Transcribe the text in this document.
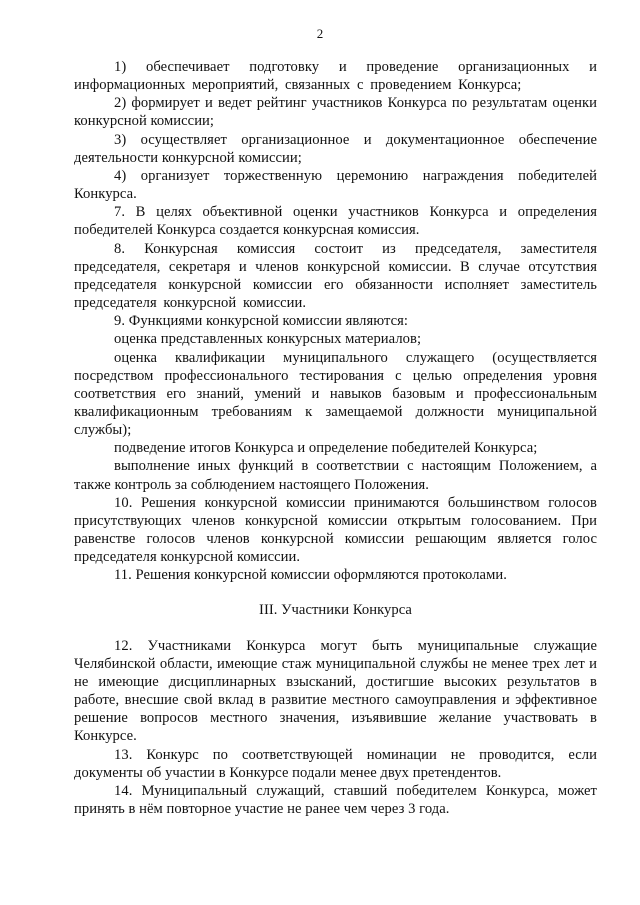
2

1) обеспечивает подготовку и проведение организационных и информационных мероприятий, связанных с проведением Конкурса;

2) формирует и ведет рейтинг участников Конкурса по результатам оценки конкурсной комиссии;

3) осуществляет организационное и документационное обеспечение деятельности конкурсной комиссии;

4) организует торжественную церемонию награждения победителей Конкурса.

7. В целях объективной оценки участников Конкурса и определения победителей Конкурса создается конкурсная комиссия.

8. Конкурсная комиссия состоит из председателя, заместителя председателя, секретаря и членов конкурсной комиссии. В случае отсутствия председателя конкурсной комиссии его обязанности исполняет заместитель председателя конкурсной комиссии.

9. Функциями конкурсной комиссии являются:

оценка представленных конкурсных материалов;

оценка квалификации муниципального служащего (осуществляется посредством профессионального тестирования с целью определения уровня соответствия его знаний, умений и навыков базовым и профессиональным квалификационным требованиям к замещаемой должности муниципальной службы);

подведение итогов Конкурса и определение победителей Конкурса;

выполнение иных функций в соответствии с настоящим Положением, а также контроль за соблюдением настоящего Положения.

10. Решения конкурсной комиссии принимаются большинством голосов присутствующих членов конкурсной комиссии открытым голосованием. При равенстве голосов членов конкурсной комиссии решающим является голос председателя конкурсной комиссии.

11. Решения конкурсной комиссии оформляются протоколами.

III. Участники Конкурса

12. Участниками Конкурса могут быть муниципальные служащие Челябинской области, имеющие стаж муниципальной службы не менее трех лет и не имеющие дисциплинарных взысканий, достигшие высоких результатов в работе, внесшие свой вклад в развитие местного самоуправления и эффективное решение вопросов местного значения, изъявившие желание участвовать в Конкурсе.

13. Конкурс по соответствующей номинации не проводится, если документы об участии в Конкурсе подали менее двух претендентов.

14. Муниципальный служащий, ставший победителем Конкурса, может принять в нём повторное участие не ранее чем через 3 года.
